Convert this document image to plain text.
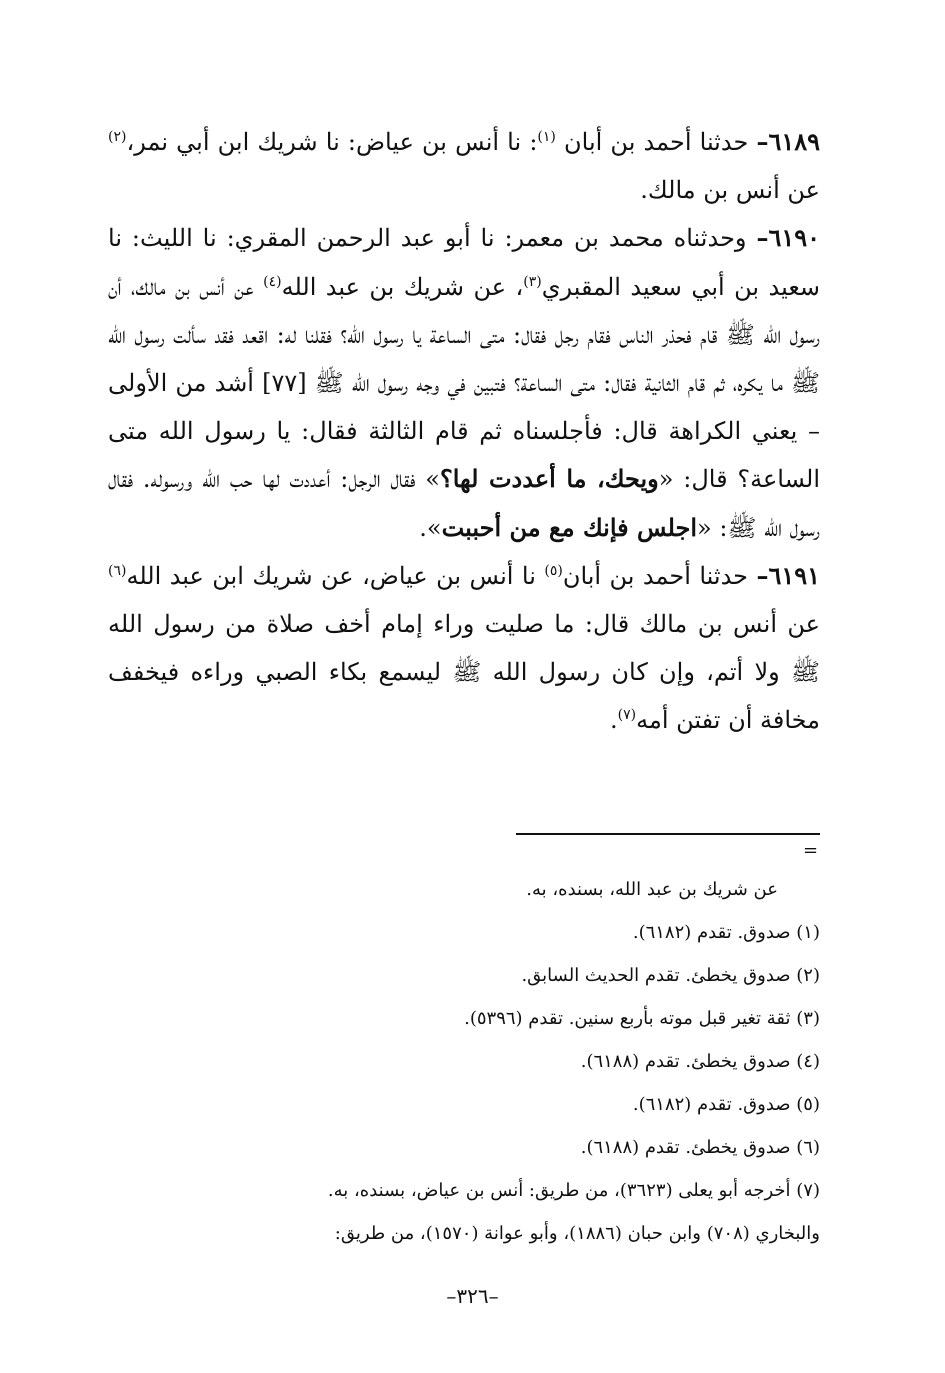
٦١٨٩– حدثنا أحمد بن أبان $^{(١)}$: نا أنس بن عياض: نا شريك ابن أبي نمر،$^{(٢)}$ عن أنس بن مالك.

٦١٩٠– وحدثناه محمد بن معمر: نا أبو عبد الرحمن المقري: نا الليث: نا سعيد بن أبي سعيد المقبري$^{(٣)}$، عن شريك بن عبد الله$^{(٤)}$ عن أنس بن مالك، أن رسول الله ﷺ قام فحذر الناس فقام رجل فقال: متى الساعة يا رسول الله؟ فقلنا له: اقعد فقد سألت رسول الله ﷺ ما يكره، ثم قام الثانية فقال: متى الساعة؟ فتبين في وجه رسول الله ﷺ [٧٧] أشد من الأولى – يعني الكراهة قال: فأجلسناه ثم قام الثالثة فقال: يا رسول الله متى الساعة؟ قال: «ويحك، ما أعددت لها؟» فقال الرجل: أعددت لها حب الله ورسوله. فقال رسول الله ﷺ: «اجلس فإنك مع من أحببت».

٦١٩١– حدثنا أحمد بن أبان$^{(٥)}$ نا أنس بن عياض، عن شريك ابن عبد الله$^{(٦)}$ عن أنس بن مالك قال: ما صليت وراء إمام أخف صلاة من رسول الله ﷺ ولا أتم، وإن كان رسول الله ﷺ ليسمع بكاء الصبي وراءه فيخفف مخافة أن تفتن أمه$^{(٧)}$.

=
عن شريك بن عبد الله، بسنده، به.
(١) صدوق. تقدم (٦١٨٢).
(٢) صدوق يخطئ. تقدم الحديث السابق.
(٣) ثقة تغير قبل موته بأربع سنين. تقدم (٥٣٩٦).
(٤) صدوق يخطئ. تقدم (٦١٨٨).
(٥) صدوق. تقدم (٦١٨٢).
(٦) صدوق يخطئ. تقدم (٦١٨٨).
(٧) أخرجه أبو يعلى (٣٦٢٣)، من طريق: أنس بن عياض، بسنده، به.
والبخاري (٧٠٨) وابن حبان (١٨٨٦)، وأبو عوانة (١٥٧٠)، من طريق:
–٣٢٦–
